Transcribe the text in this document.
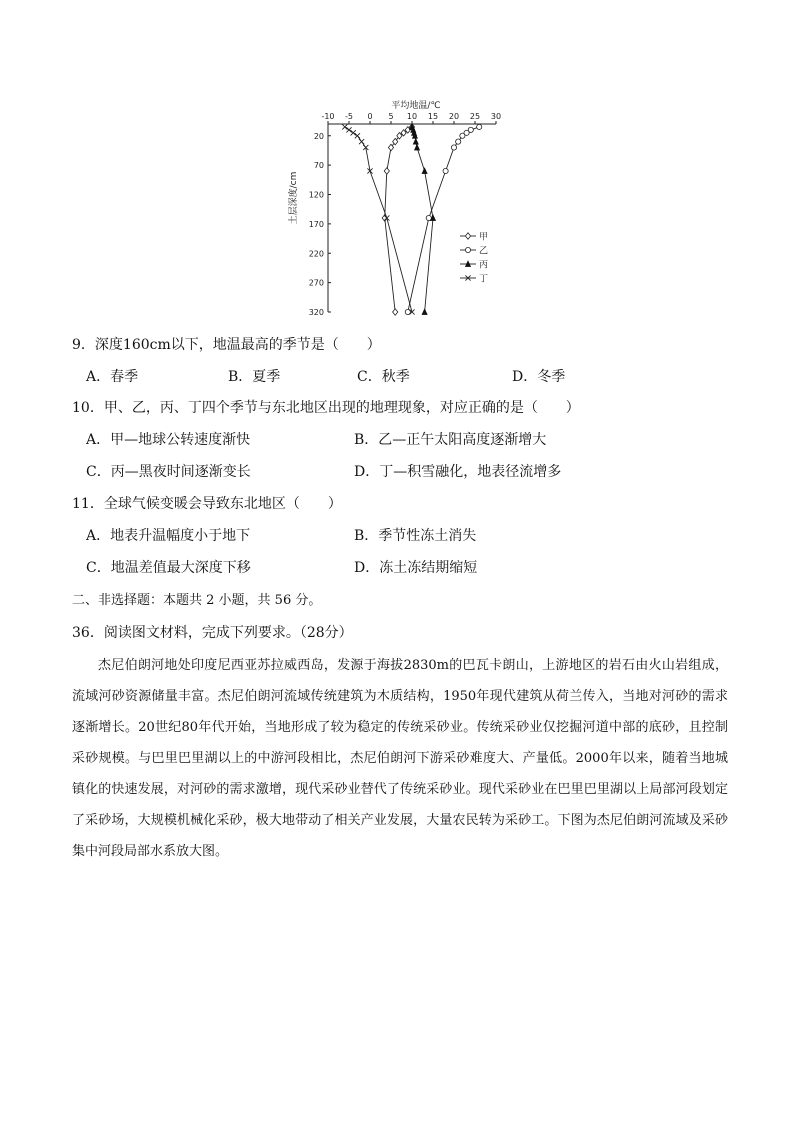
平均地温/℃
-10 -5 0 5 10 15 20 25 30
20
70
120
170
220
270
320
土层深度/cm
甲
乙
丙
丁
9．深度160cm以下，地温最高的季节是（　　）
A．春季	B．夏季	C．秋季	D．冬季
10．甲、乙，丙、丁四个季节与东北地区出现的地理现象，对应正确的是（　　）
A．甲—地球公转速度渐快	B．乙—正午太阳高度逐渐增大
C．丙—黑夜时间逐渐变长	D．丁—积雪融化，地表径流增多
11．全球气候变暖会导致东北地区（　　）
A．地表升温幅度小于地下	B．季节性冻土消失
C．地温差值最大深度下移	D．冻土冻结期缩短
二、非选择题：本题共 2 小题，共 56 分。
36．阅读图文材料，完成下列要求。（28分）

杰尼伯朗河地处印度尼西亚苏拉威西岛，发源于海拔2830m的巴瓦卡朗山，上游地区的岩石由火山岩组成，流域河砂资源储量丰富。杰尼伯朗河流域传统建筑为木质结构，1950年现代建筑从荷兰传入，当地对河砂的需求逐渐增长。20世纪80年代开始，当地形成了较为稳定的传统采砂业。传统采砂业仅挖掘河道中部的底砂，且控制采砂规模。与巴里巴里湖以上的中游河段相比，杰尼伯朗河下游采砂难度大、产量低。2000年以来，随着当地城镇化的快速发展，对河砂的需求激增，现代采砂业替代了传统采砂业。现代采砂业在巴里巴里湖以上局部河段划定了采砂场，大规模机械化采砂，极大地带动了相关产业发展，大量农民转为采砂工。下图为杰尼伯朗河流域及采砂集中河段局部水系放大图。
